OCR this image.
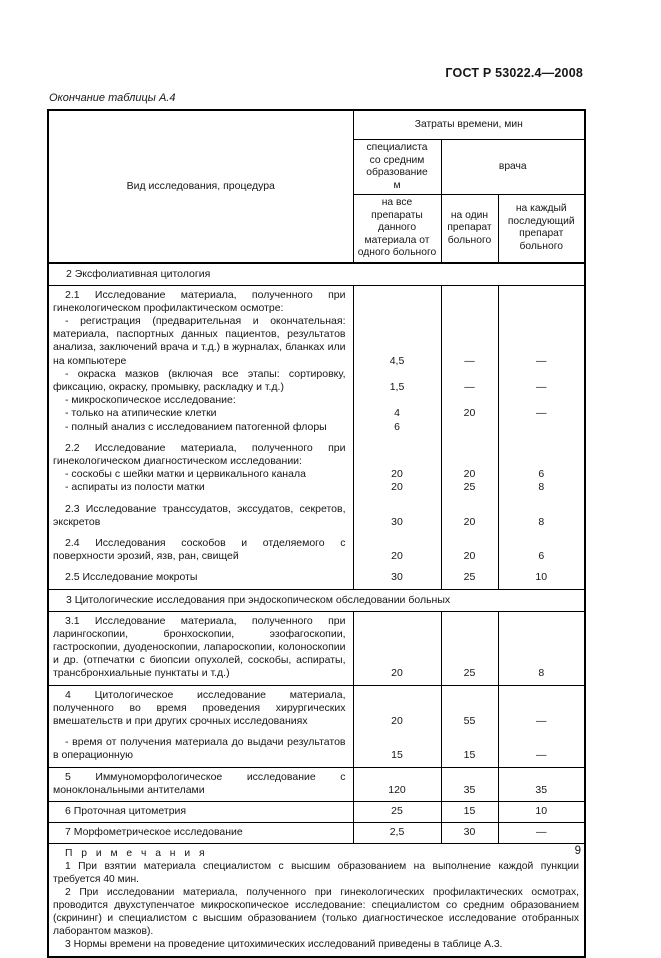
ГОСТ Р 53022.4—2008
Окончание таблицы А.4
Вид исследования, процедура	Затраты времени, мин		
	специалиста со средним образованием	врача	
	на все препараты данного материала от одного больного	на один препарат больного	на каждый последующий препарат больного
2 Эксфолиативная цитология			
2.1 Исследование материала, полученного при гинекологическом профилактическом осмотре:			
- регистрация (предварительная и окончательная: материала, паспортных данных пациентов, результатов анализа, заключений врача и т.д.) в журналах, бланках или на компьютере	4,5	—	—
- окраска мазков (включая все этапы: сортировку, фиксацию, окраску, промывку, раскладку и т.д.)	1,5	—	—
- микроскопическое исследование:			
- только на атипические клетки	4	20	—
- полный анализ с исследованием патогенной флоры	6		
2.2 Исследование материала, полученного при гинекологическом диагностическом исследовании:			
- соскобы с шейки матки и цервикального канала	20	20	6
- аспираты из полости матки	20	25	8
2.3 Исследование транссудатов, экссудатов, секретов, экскретов	30	20	8
2.4 Исследования соскобов и отделяемого с поверхности эрозий, язв, ран, свищей	20	20	6
2.5 Исследование мокроты	30	25	10
3 Цитологические исследования при эндоскопическом обследовании больных			
3.1 Исследование материала, полученного при ларингоскопии, бронхоскопии, эзофагоскопии, гастроскопии, дуоденоскопии, лапароскопии, колоноскопии и др. (отпечатки с биопсии опухолей, соскобы, аспираты, трансбронхиальные пунктаты и т.д.)	20	25	8
4 Цитологическое исследование материала, полученного во время проведения хирургических вмешательств и при других срочных исследованиях	20	55	—
- время от получения материала до выдачи результатов в операционную	15	15	—
5 Иммуноморфологическое исследование с моноклональными антителами	120	35	35
6 Проточная цитометрия	25	15	10
7 Морфометрическое исследование	2,5	30	—

П р и м е ч а н и я

1 При взятии материала специалистом с высшим образованием на выполнение каждой пункции требуется 40 мин.

2 При исследовании материала, полученного при гинекологических профилактических осмотрах, проводится двухступенчатое микроскопическое исследование: специалистом со средним образованием (скрининг) и специалистом с высшим образованием (только диагностическое исследование отобранных лаборантом мазков).

3 Нормы времени на проведение цитохимических исследований приведены в таблице А.3.			

9
